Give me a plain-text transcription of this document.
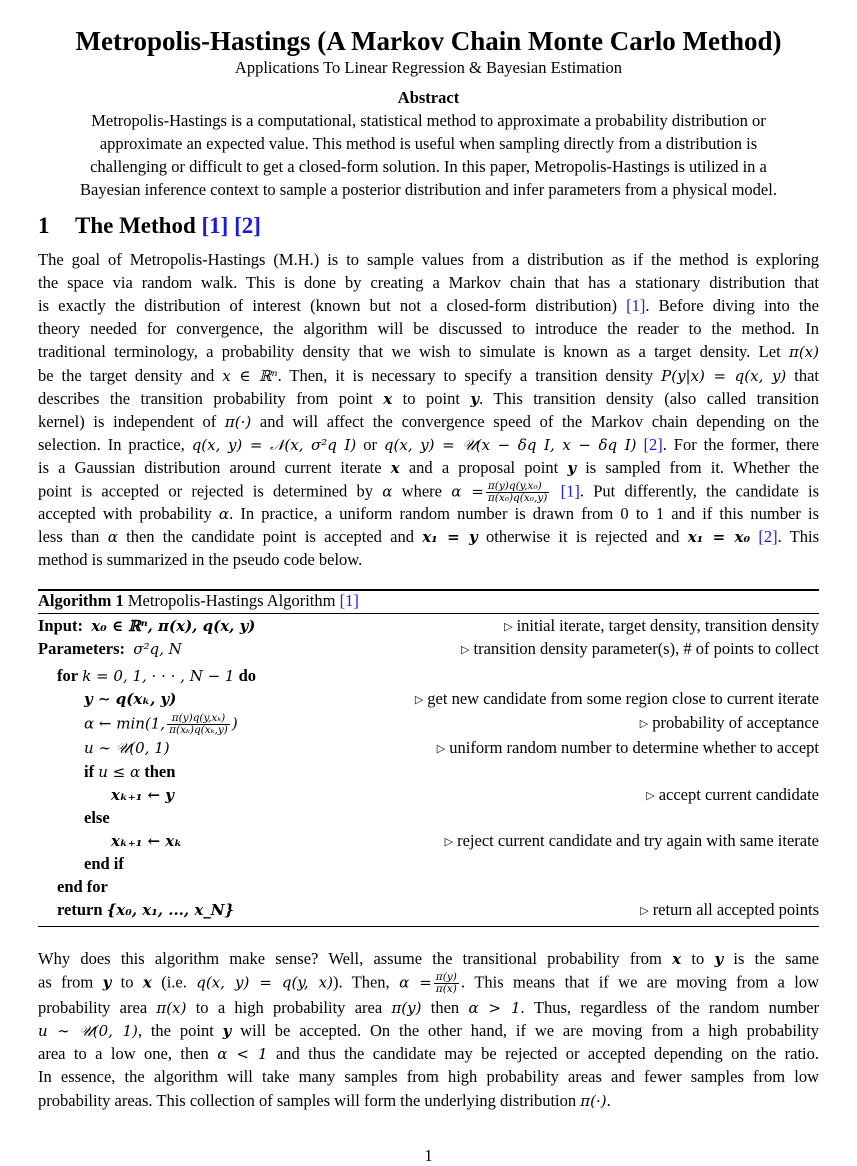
Metropolis-Hastings (A Markov Chain Monte Carlo Method)
Applications To Linear Regression & Bayesian Estimation
Abstract
Metropolis-Hastings is a computational, statistical method to approximate a probability distribution or
approximate an expected value. This method is useful when sampling directly from a distribution is
challenging or difficult to get a closed-form solution. In this paper, Metropolis-Hastings is utilized in a
Bayesian inference context to sample a posterior distribution and infer parameters from a physical model.
1 The Method [1] [2]
The goal of Metropolis-Hastings (M.H.) is to sample values from a distribution as if the method is exploring
the space via random walk. This is done by creating a Markov chain that has a stationary distribution that
is exactly the distribution of interest (known but not a closed-form distribution) [1]. Before diving into the
theory needed for convergence, the algorithm will be discussed to introduce the reader to the method. In
traditional terminology, a probability density that we wish to simulate is known as a target density. Let π(x)
be the target density and x ∈ ℝⁿ. Then, it is necessary to specify a transition density P(y|x) = q(x, y) that
describes the transition probability from point x to point y. This transition density (also called transition
kernel) is independent of π(·) and will affect the convergence speed of the Markov chain depending on the
selection. In practice, q(x, y) = 𝒩(x, σ²q I) or q(x, y) = 𝒰(x − δq I, x − δq I) [2]. For the former, there
is a Gaussian distribution around current iterate x and a proposal point y is sampled from it. Whether the
point is accepted or rejected is determined by α where $\alpha = \frac{\text{π(y)q(y,x₀)}}{\text{π(x₀)q(x₀,y)}} [1]$. Put differently, the candidate is
accepted with probability α. In practice, a uniform random number is drawn from 0 to 1 and if this number is
less than α then the candidate point is accepted and x₁ = y otherwise it is rejected and x₁ = x₀ [2]. This
method is summarized in the pseudo code below.
Algorithm 1 Metropolis-Hastings Algorithm [1]
Input: x₀ ∈ ℝⁿ, π(x), q(x, y)	▷ initial iterate, target density, transition density
Parameters: σ²q, N	▷ transition density parameter(s), # of points to collect
for k = 0, 1, · · · , N − 1 do
y ∼ q(xₖ, y)	▷ get new candidate from some region close to current iterate
α ← min(1, $\frac{\text{π(y)q(y,xₖ)}}{\text{π(xₖ)q(xₖ,y)}}$ )	▷ probability of acceptance
u ∼ 𝒰(0, 1)	▷ uniform random number to determine whether to accept
if u ≤ α then
xₖ₊₁ ← y	▷ accept current candidate
else
xₖ₊₁ ← xₖ	▷ reject current candidate and try again with same iterate
end if
end for
return {x₀, x₁, ..., x_N}	▷ return all accepted points
Why does this algorithm make sense? Well, assume the transitional probability from x to y is the same
as from y to x (i.e. q(x, y) = q(y, x)). Then, $\alpha = \frac{\pi(y)}{\pi(x)}$ . This means that if we are moving from a low
probability area π(x) to a high probability area π(y) then α > 1. Thus, regardless of the random number
u ∼ 𝒰(0, 1), the point y will be accepted. On the other hand, if we are moving from a high probability
area to a low one, then α < 1 and thus the candidate may be rejected or accepted depending on the ratio.
In essence, the algorithm will take many samples from high probability areas and fewer samples from low
probability areas. This collection of samples will form the underlying distribution π(·).
1
